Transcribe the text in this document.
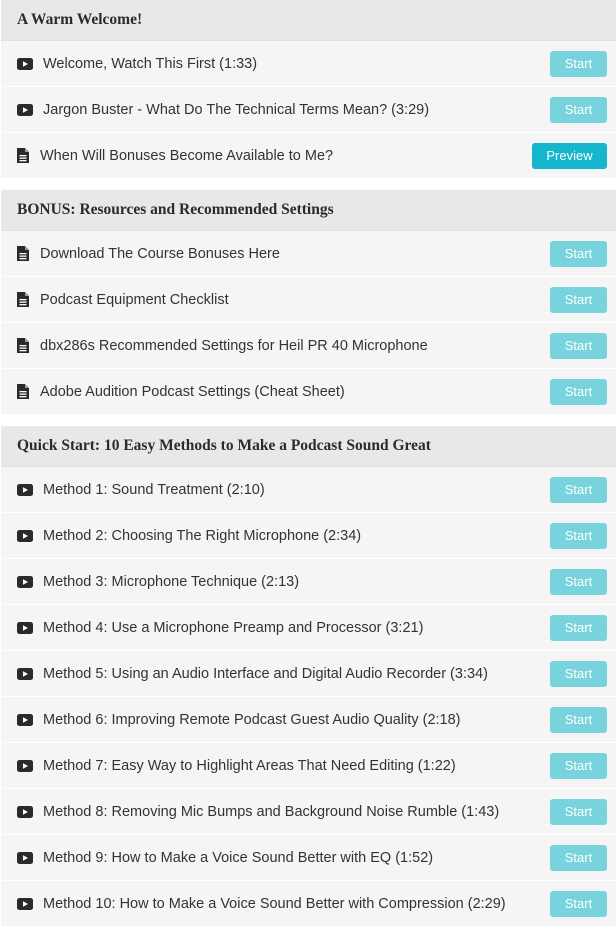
A Warm Welcome!
Welcome, Watch This First (1:33)	Start
Jargon Buster - What Do The Technical Terms Mean? (3:29)	Start
When Will Bonuses Become Available to Me?	Preview
BONUS: Resources and Recommended Settings
Download The Course Bonuses Here	Start
Podcast Equipment Checklist	Start
dbx286s Recommended Settings for Heil PR 40 Microphone	Start
Adobe Audition Podcast Settings (Cheat Sheet)	Start
Quick Start: 10 Easy Methods to Make a Podcast Sound Great
Method 1: Sound Treatment (2:10)	Start
Method 2: Choosing The Right Microphone (2:34)	Start
Method 3: Microphone Technique (2:13)	Start
Method 4: Use a Microphone Preamp and Processor (3:21)	Start
Method 5: Using an Audio Interface and Digital Audio Recorder (3:34)	Start
Method 6: Improving Remote Podcast Guest Audio Quality (2:18)	Start
Method 7: Easy Way to Highlight Areas That Need Editing (1:22)	Start
Method 8: Removing Mic Bumps and Background Noise Rumble (1:43)	Start
Method 9: How to Make a Voice Sound Better with EQ (1:52)	Start
Method 10: How to Make a Voice Sound Better with Compression (2:29)	Start
